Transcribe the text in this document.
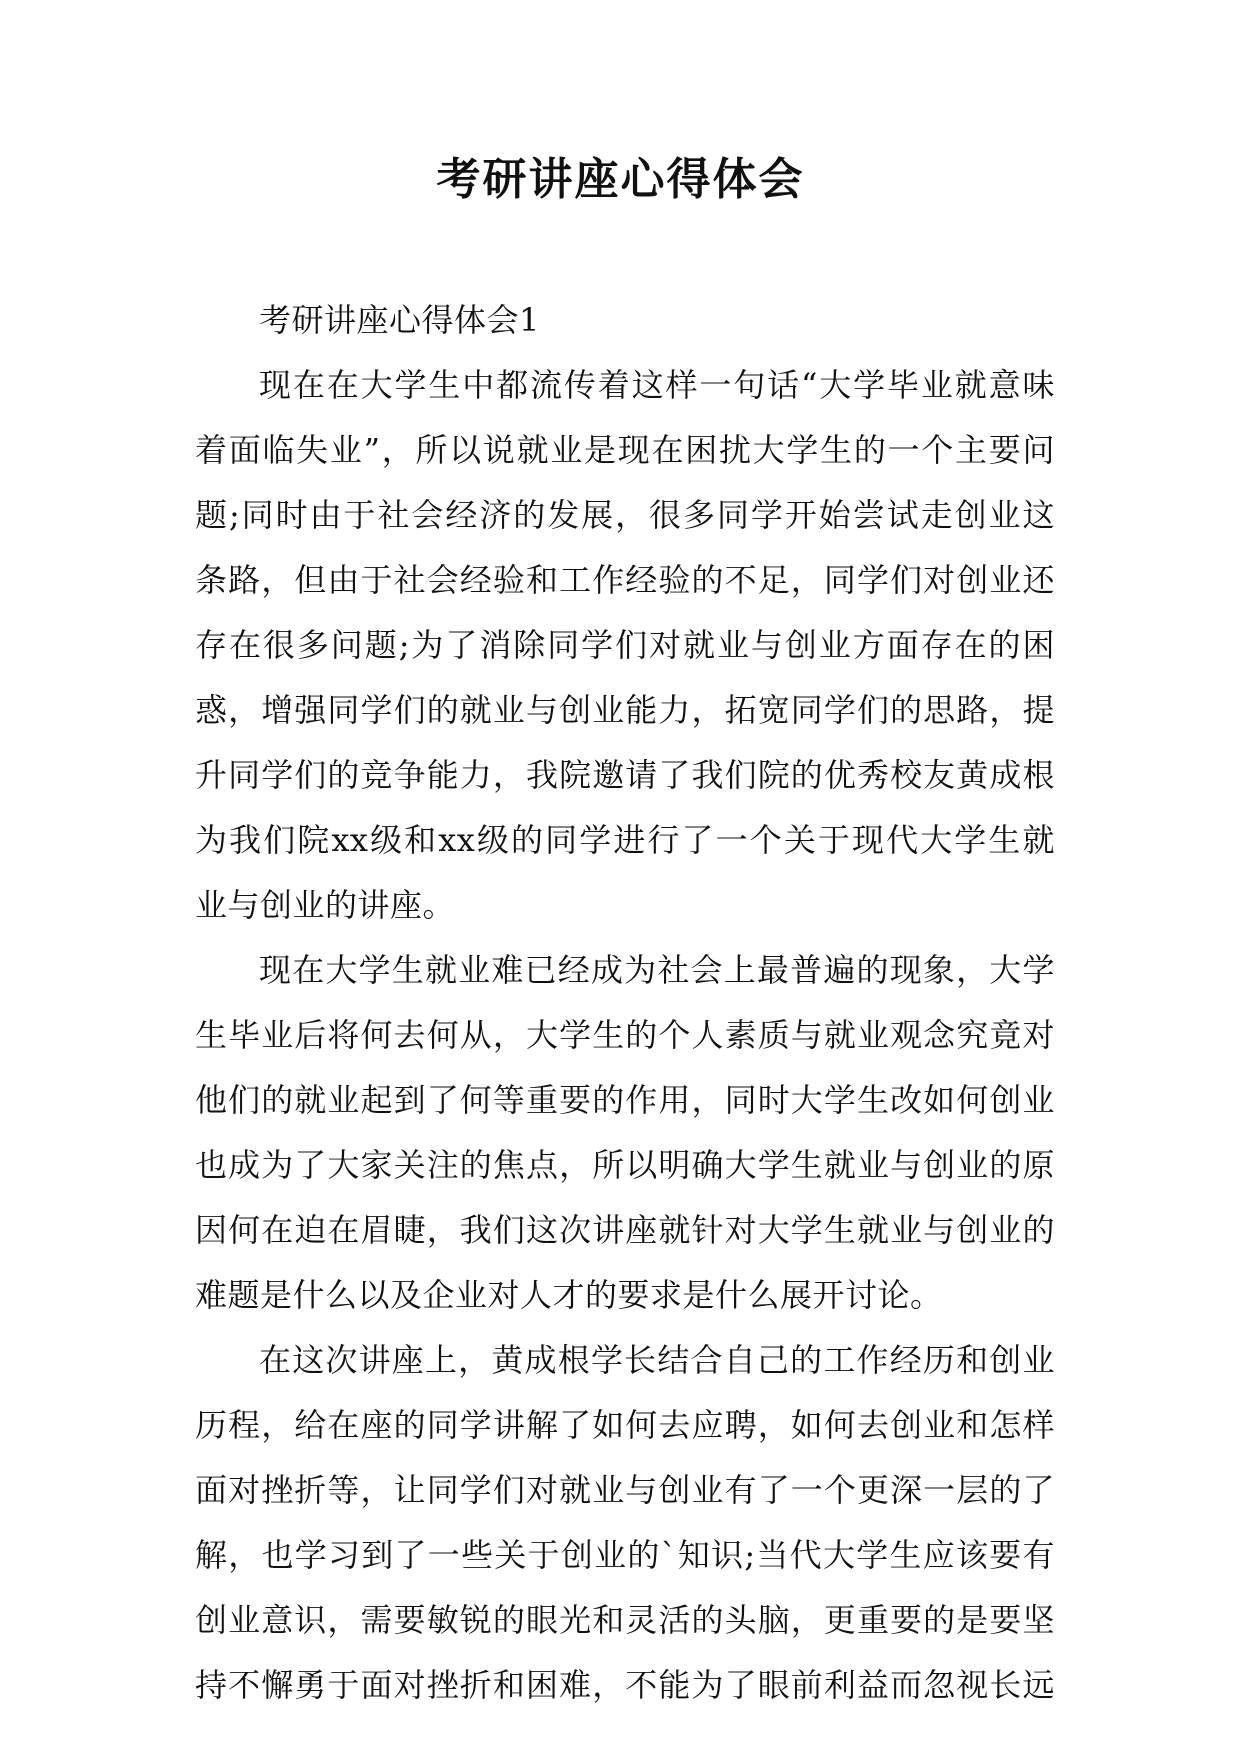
考研讲座心得体会
考研讲座心得体会1
现在在大学生中都流传着这样一句话“大学毕业就意味
着面临失业”，所以说就业是现在困扰大学生的一个主要问
题;同时由于社会经济的发展，很多同学开始尝试走创业这
条路，但由于社会经验和工作经验的不足，同学们对创业还
存在很多问题;为了消除同学们对就业与创业方面存在的困
惑，增强同学们的就业与创业能力，拓宽同学们的思路，提
升同学们的竞争能力，我院邀请了我们院的优秀校友黄成根
为我们院xx级和xx级的同学进行了一个关于现代大学生就
业与创业的讲座。
现在大学生就业难已经成为社会上最普遍的现象，大学
生毕业后将何去何从，大学生的个人素质与就业观念究竟对
他们的就业起到了何等重要的作用，同时大学生改如何创业
也成为了大家关注的焦点，所以明确大学生就业与创业的原
因何在迫在眉睫，我们这次讲座就针对大学生就业与创业的
难题是什么以及企业对人才的要求是什么展开讨论。
在这次讲座上，黄成根学长结合自己的工作经历和创业
历程，给在座的同学讲解了如何去应聘，如何去创业和怎样
面对挫折等，让同学们对就业与创业有了一个更深一层的了
解，也学习到了一些关于创业的`知识;当代大学生应该要有
创业意识，需要敏锐的眼光和灵活的头脑，更重要的是要坚
持不懈勇于面对挫折和困难，不能为了眼前利益而忽视长远
